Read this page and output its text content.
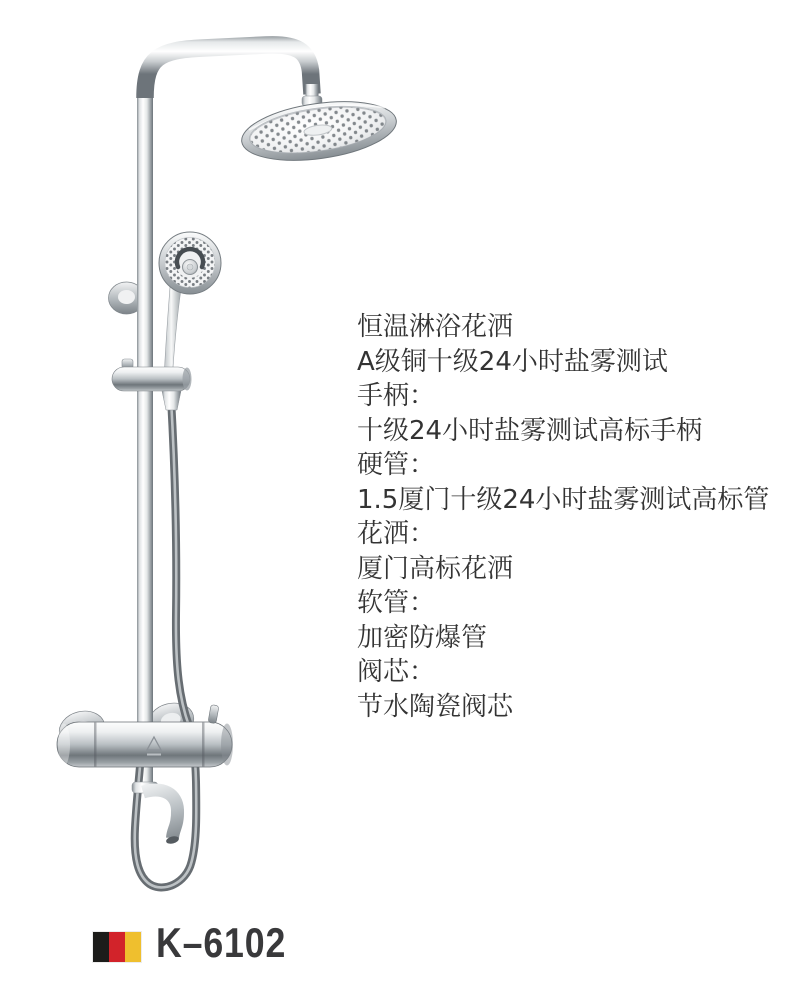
恒温淋浴花洒
A级铜十级24小时盐雾测试
手柄：
十级24小时盐雾测试高标手柄
硬管：
1.5厦门十级24小时盐雾测试高标管
花洒：
厦门高标花洒
软管：
加密防爆管
阀芯：
节水陶瓷阀芯
K–6102
